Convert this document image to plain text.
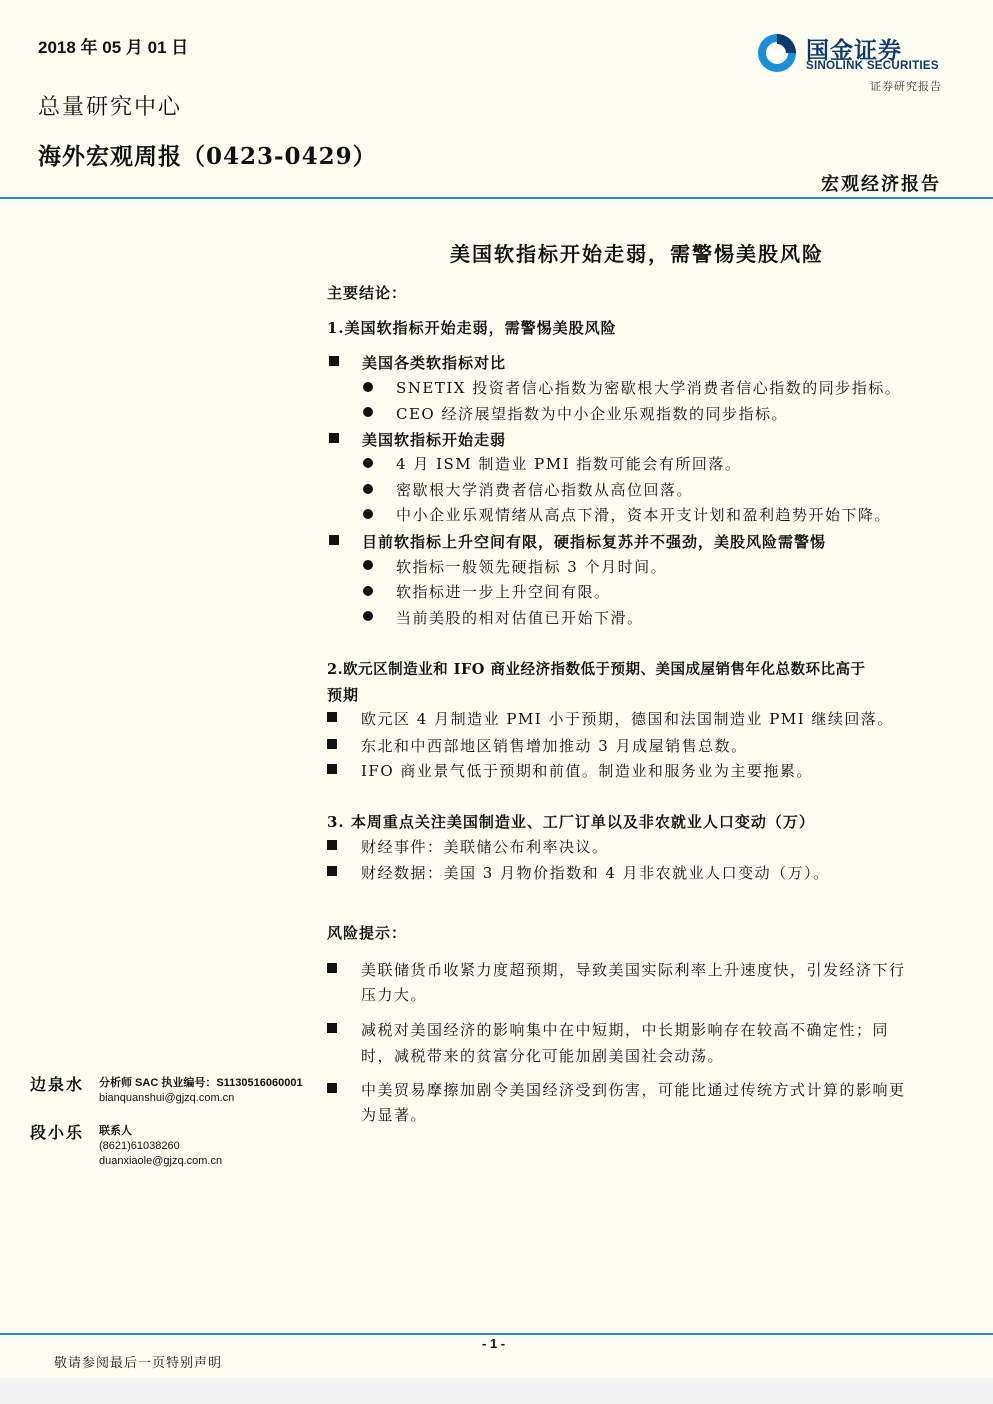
2018 年 05 月 01 日
总量研究中心
海外宏观周报（0423-0429）
国金证券
SINOLINK SECURITIES
证券研究报告
宏观经济报告
美国软指标开始走弱，需警惕美股风险
主要结论：
1.美国软指标开始走弱，需警惕美股风险
美国各类软指标对比
SNETIX 投资者信心指数为密歇根大学消费者信心指数的同步指标。
CEO 经济展望指数为中小企业乐观指数的同步指标。
美国软指标开始走弱
4 月 ISM 制造业 PMI 指数可能会有所回落。
密歇根大学消费者信心指数从高位回落。
中小企业乐观情绪从高点下滑，资本开支计划和盈利趋势开始下降。
目前软指标上升空间有限，硬指标复苏并不强劲，美股风险需警惕
软指标一般领先硬指标 3 个月时间。
软指标进一步上升空间有限。
当前美股的相对估值已开始下滑。
2.欧元区制造业和 IFO 商业经济指数低于预期、美国成屋销售年化总数环比高于
预期
欧元区 4 月制造业 PMI 小于预期，德国和法国制造业 PMI 继续回落。
东北和中西部地区销售增加推动 3 月成屋销售总数。
IFO 商业景气低于预期和前值。制造业和服务业为主要拖累。
3. 本周重点关注美国制造业、工厂订单以及非农就业人口变动（万）
财经事件：美联储公布利率决议。
财经数据：美国 3 月物价指数和 4 月非农就业人口变动（万）。
风险提示：
美联储货币收紧力度超预期，导致美国实际利率上升速度快，引发经济下行
压力大。
减税对美国经济的影响集中在中短期，中长期影响存在较高不确定性；同
时，减税带来的贫富分化可能加剧美国社会动荡。
中美贸易摩擦加剧令美国经济受到伤害，可能比通过传统方式计算的影响更
为显著。
边泉水 分析师 SAC 执业编号：S1130516060001
bianquanshui@gjzq.com.cn
段小乐 联系人
(8621)61038260
duanxiaole@gjzq.com.cn
- 1 -
敬请参阅最后一页特别声明
